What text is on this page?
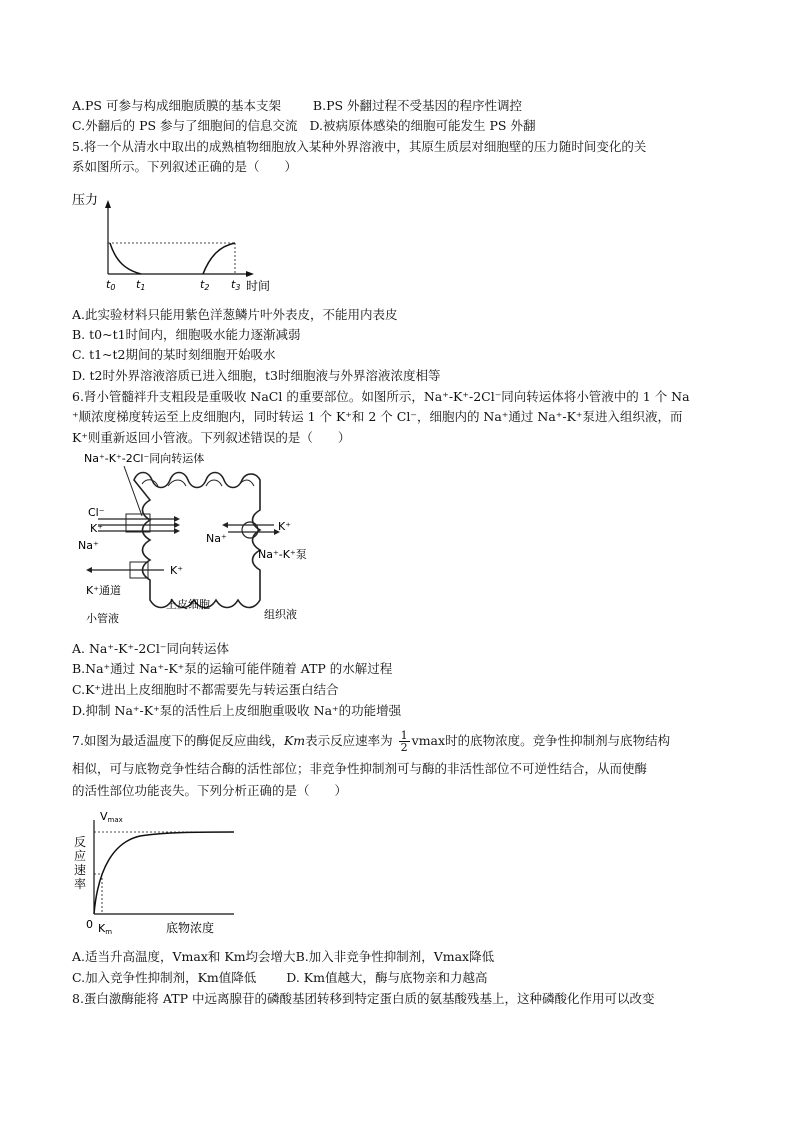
A.PS 可参与构成细胞质膜的基本支架	B.PS 外翻过程不受基因的程序性调控
C.外翻后的 PS 参与了细胞间的信息交流 D.被病原体感染的细胞可能发生 PS 外翻
5.将一个从清水中取出的成熟植物细胞放入某种外界溶液中，其原生质层对细胞壁的压力随时间变化的关
系如图所示。下列叙述正确的是（　　）
压力
t0 t1	t2 t3 时间
A.此实验材料只能用紫色洋葱鳞片叶外表皮，不能用内表皮
B. t0~t1时间内，细胞吸水能力逐渐减弱
C. t1~t2期间的某时刻细胞开始吸水
D. t2时外界溶液溶质已进入细胞，t3时细胞液与外界溶液浓度相等
6.肾小管髓袢升支粗段是重吸收 NaCl 的重要部位。如图所示，Na⁺-K⁺-2Cl⁻同向转运体将小管液中的 1 个 Na
⁺顺浓度梯度转运至上皮细胞内，同时转运 1 个 K⁺和 2 个 Cl⁻，细胞内的 Na⁺通过 Na⁺-K⁺泵进入组织液，而
K⁺则重新返回小管液。下列叙述错误的是（　　）
Na⁺-K⁺-2Cl⁻同向转运体
Cl⁻
K⁺
Na⁺
K⁺
K⁺通道
Na⁺
K⁺
Na⁺-K⁺泵
上皮细胞
小管液	组织液
A. Na⁺-K⁺-2Cl⁻同向转运体
B.Na⁺通过 Na⁺-K⁺泵的运输可能伴随着 ATP 的水解过程
C.K⁺进出上皮细胞时不都需要先与转运蛋白结合
D.抑制 Na⁺-K⁺泵的活性后上皮细胞重吸收 Na⁺的功能增强
7.如图为最适温度下的酶促反应曲线，Km表示反应速率为 $\frac{1}{2}$ vmax时的底物浓度。竞争性抑制剂与底物结构
相似，可与底物竞争性结合酶的活性部位；非竞争性抑制剂可与酶的非活性部位不可逆性结合，从而使酶
的活性部位功能丧失。下列分析正确的是（　　）
Vmax
反
应
速
率
0 Km	底物浓度
A.适当升高温度，Vmax和 Km均会增大B.加入非竞争性抑制剂，Vmax降低
C.加入竞争性抑制剂，Km值降低 D. Km值越大，酶与底物亲和力越高
8.蛋白激酶能将 ATP 中远离腺苷的磷酸基团转移到特定蛋白质的氨基酸残基上，这种磷酸化作用可以改变
